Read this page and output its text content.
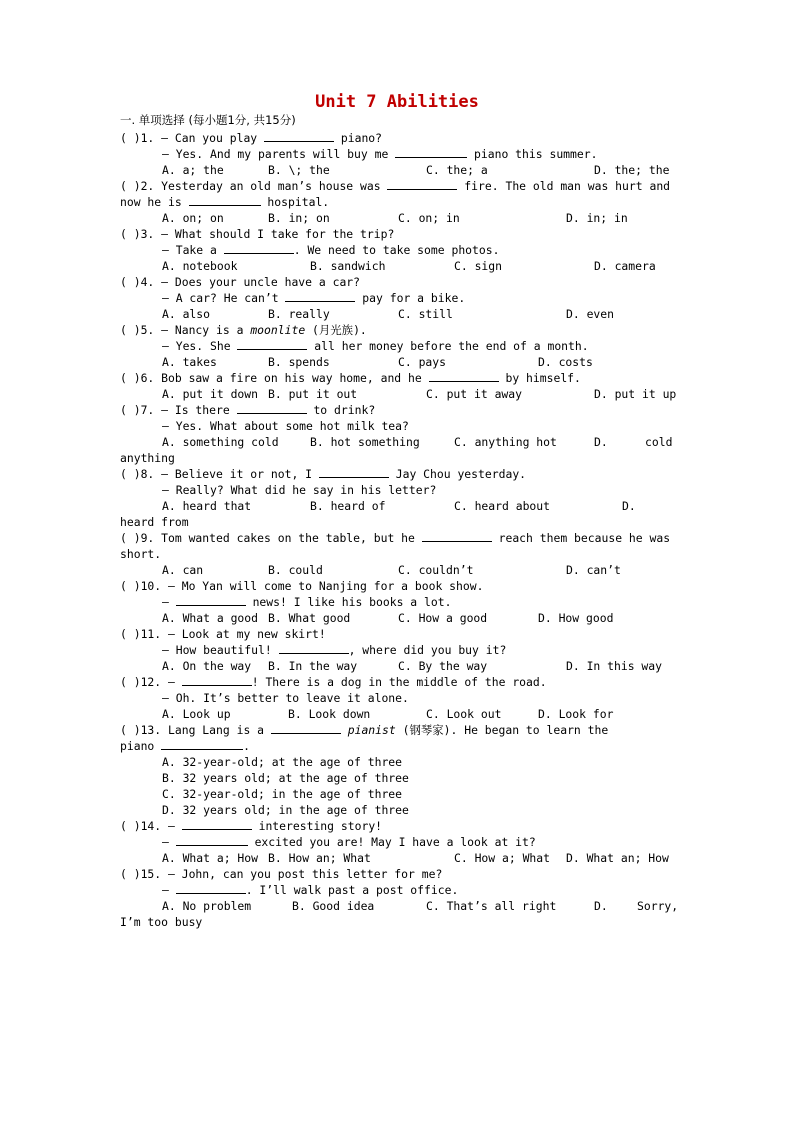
Unit 7 Abilities
一. 单项选择 (每小题1分, 共15分)
( )1. — Can you play	piano?
— Yes. And my parents will buy me	piano this summer.
A. a; the	B. \; the	C. the; a	D. the; the
( )2. Yesterday an old man’s house was	fire. The old man was hurt and
now he is	hospital.
A. on; on	B. in; on	C. on; in	D. in; in
( )3. — What should I take for the trip?
— Take a	. We need to take some photos.
A. notebook	B. sandwich	C. sign	D. camera
( )4. — Does your uncle have a car?
— A car? He can’t	pay for a bike.
A. also	B. really	C. still	D. even
( )5. — Nancy is a moonlite (月光族).
— Yes. She	all her money before the end of a month.
A. takes	B. spends	C. pays	D. costs
( )6. Bob saw a fire on his way home, and he	by himself.
A. put it down B. put it out	C. put it away	D. put it up
( )7. — Is there	to drink?
— Yes. What about some hot milk tea?
A. something cold	B. hot something	C. anything hot	D.	cold
anything
( )8. — Believe it or not, I	Jay Chou yesterday.
— Really? What did he say in his letter?
A. heard that	B. heard of	C. heard about	D.
heard from
( )9. Tom wanted cakes on the table, but he	reach them because he was
short.
A. can	B. could	C. couldn’t	D. can’t
( )10. — Mo Yan will come to Nanjing for a book show.
—	news! I like his books a lot.
A. What a good B. What good	C. How a good	D. How good
( )11. — Look at my new skirt!
— How beautiful!	, where did you buy it?
A. On the way B. In the way	C. By the way	D. In this way
( )12. —	! There is a dog in the middle of the road.
— Oh. It’s better to leave it alone.
A. Look up	B. Look down	C. Look out	D. Look for
( )13. Lang Lang is a	pianist (钢琴家). He began to learn the
piano	.
A. 32-year-old; at the age of three
B. 32 years old; at the age of three
C. 32-year-old; in the age of three
D. 32 years old; in the age of three
( )14. —	interesting story!
—	excited you are! May I have a look at it?
A. What a; How B. How an; What	C. How a; What D. What an; How
( )15. — John, can you post this letter for me?
—	. I’ll walk past a post office.
A. No problem	B. Good idea	C. That’s all right	D.	Sorry,
I’m too busy
